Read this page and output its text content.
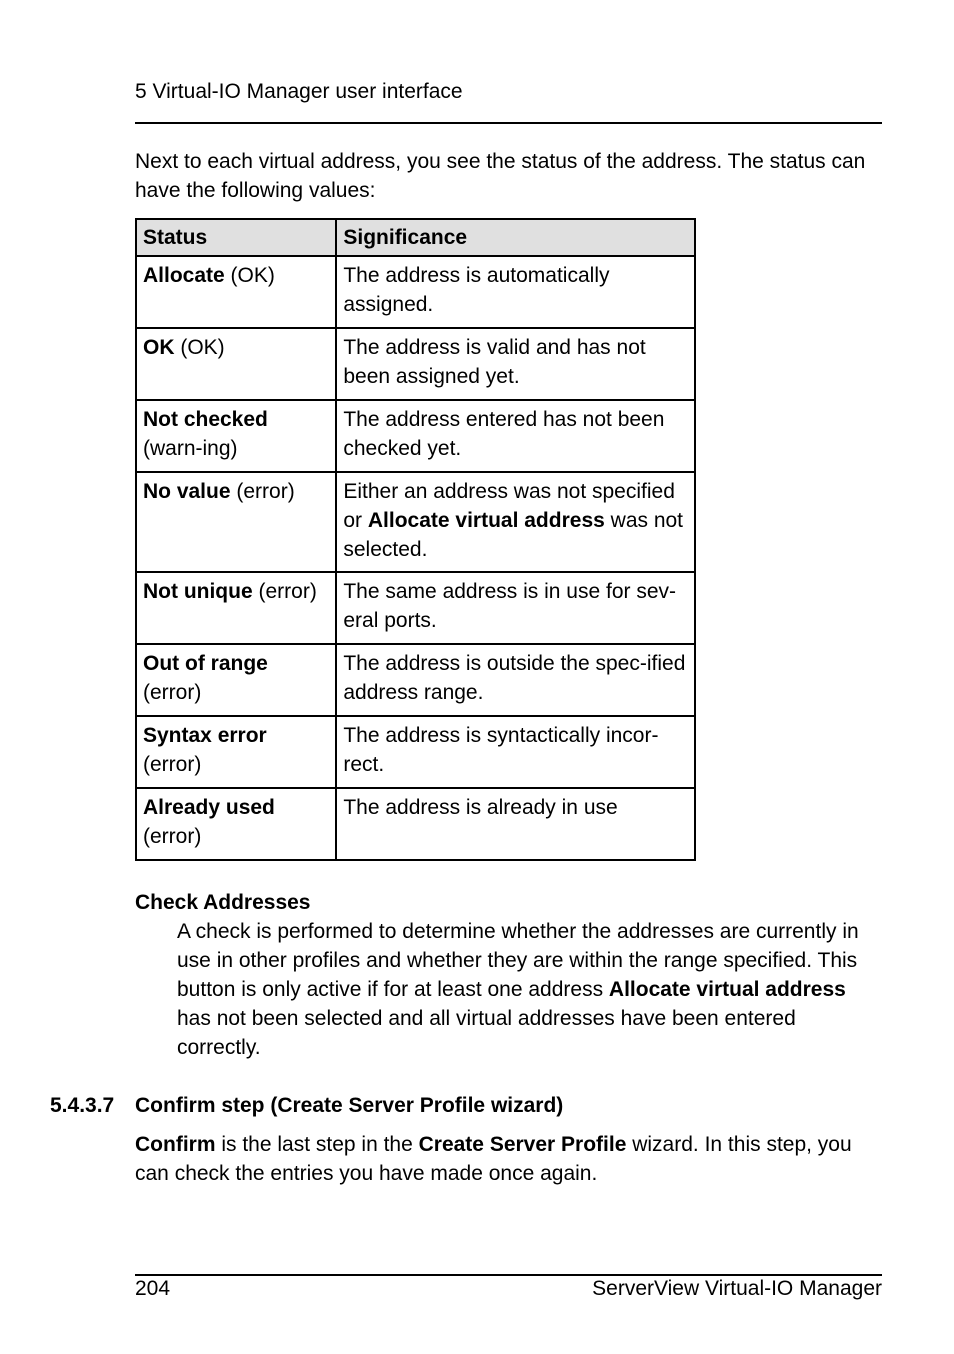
5 Virtual-IO Manager user interface

Next to each virtual address, you see the status of the address. The status can have the following values:

Status	Significance
Allocate (OK)	The address is automatically assigned.
OK (OK)	The address is valid and has not been assigned yet.
Not checked (warn-ing)	The address entered has not been checked yet.
No value (error)	Either an address was not specified or Allocate virtual address was not selected.
Not unique (error)	The same address is in use for sev-eral ports.
Out of range (error)	The address is outside the spec-ified address range.
Syntax error (error)	The address is syntactically incor-rect.
Already used (error)	The address is already in use
Check Addresses

A check is performed to determine whether the addresses are currently in use in other profiles and whether they are within the range specified. This button is only active if for at least one address Allocate virtual address has not been selected and all virtual addresses have been entered correctly.

5.4.3.7 Confirm step (Create Server Profile wizard)

Confirm is the last step in the Create Server Profile wizard. In this step, you can check the entries you have made once again.

204	ServerView Virtual-IO Manager
